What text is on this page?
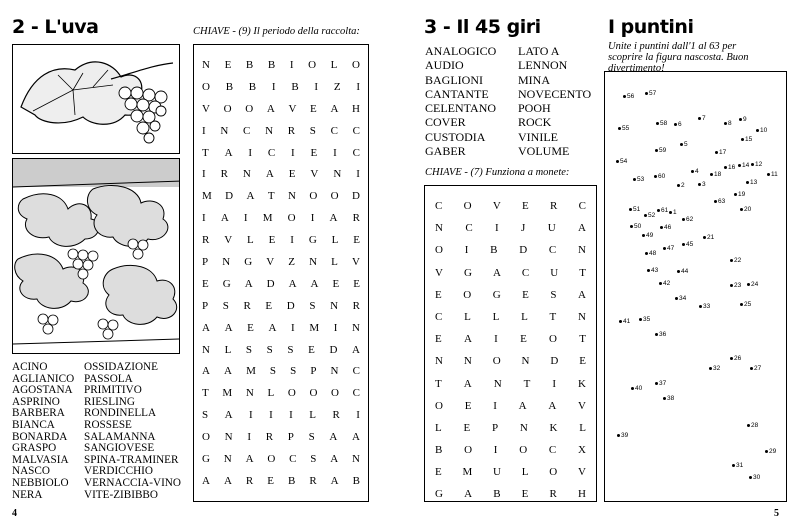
2 - L'uva	CHIAVE - (9) Il periodo della raccolta:
ACINO
AGLIANICO
AGOSTANA
ASPRINO
BARBERA
BIANCA
BONARDA
GRASPO
MALVASIA
NASCO
NEBBIOLO
NERA
OSSIDAZIONE
PASSOLA
PRIMITIVO
RIESLING
RONDINELLA
ROSSESE
SALAMANNA
SANGIOVESE
SPINA-TRAMINER
VERDICCHIO
VERNACCIA-VINO
VITE-ZIBIBBO
N E B B I O L O
O B B I B I Z I
V O O A V E A H
I N C N R S C C
T A I C I E I C
I R N A E V N I
M D A T N O O D
I A I M O I A R
R V L E I G L E
P N G V Z N L V
E G A D A A E E
P S R E D S N R
A A E A I M I N
N L S S S E D A
A A M S S P N C
T M N L O O O C
S A I I I L R I
O N I R P S A A
G N A O C S A N
A A R E B R A B
4
3 - Il 45 giri
ANALOGICO
AUDIO
BAGLIONI
CANTANTE
CELENTANO
COVER
CUSTODIA
GABER
LATO A
LENNON
MINA
NOVECENTO
POOH
ROCK
VINILE
VOLUME
CHIAVE - (7) Funziona a monete:
C O V E R C
N C I J U A
O I B D C N
V G A C U T
E O G E S A
C L L L T N
E A I E O T
N N O N D E
T A N T I K
O E I A A V
L E P N K L
B O I O C X
E M U L O V
G A B E R H
I puntini
Unite i puntini dall'1 al 63 per scoprire la figura nascosta. Buon divertimento!
56	57
58	6
7
8
9
10
55
5
15
59	17
54
16	14 12
11
53	60
4	18
2	3	13
19
63
20
51	61 1
52
62
50	46
49	21
47
45
48
22
43	44
42	23	24
34
33	25
41	35
36
26
32	27
40
37
38
28
39
29
31
30
5
